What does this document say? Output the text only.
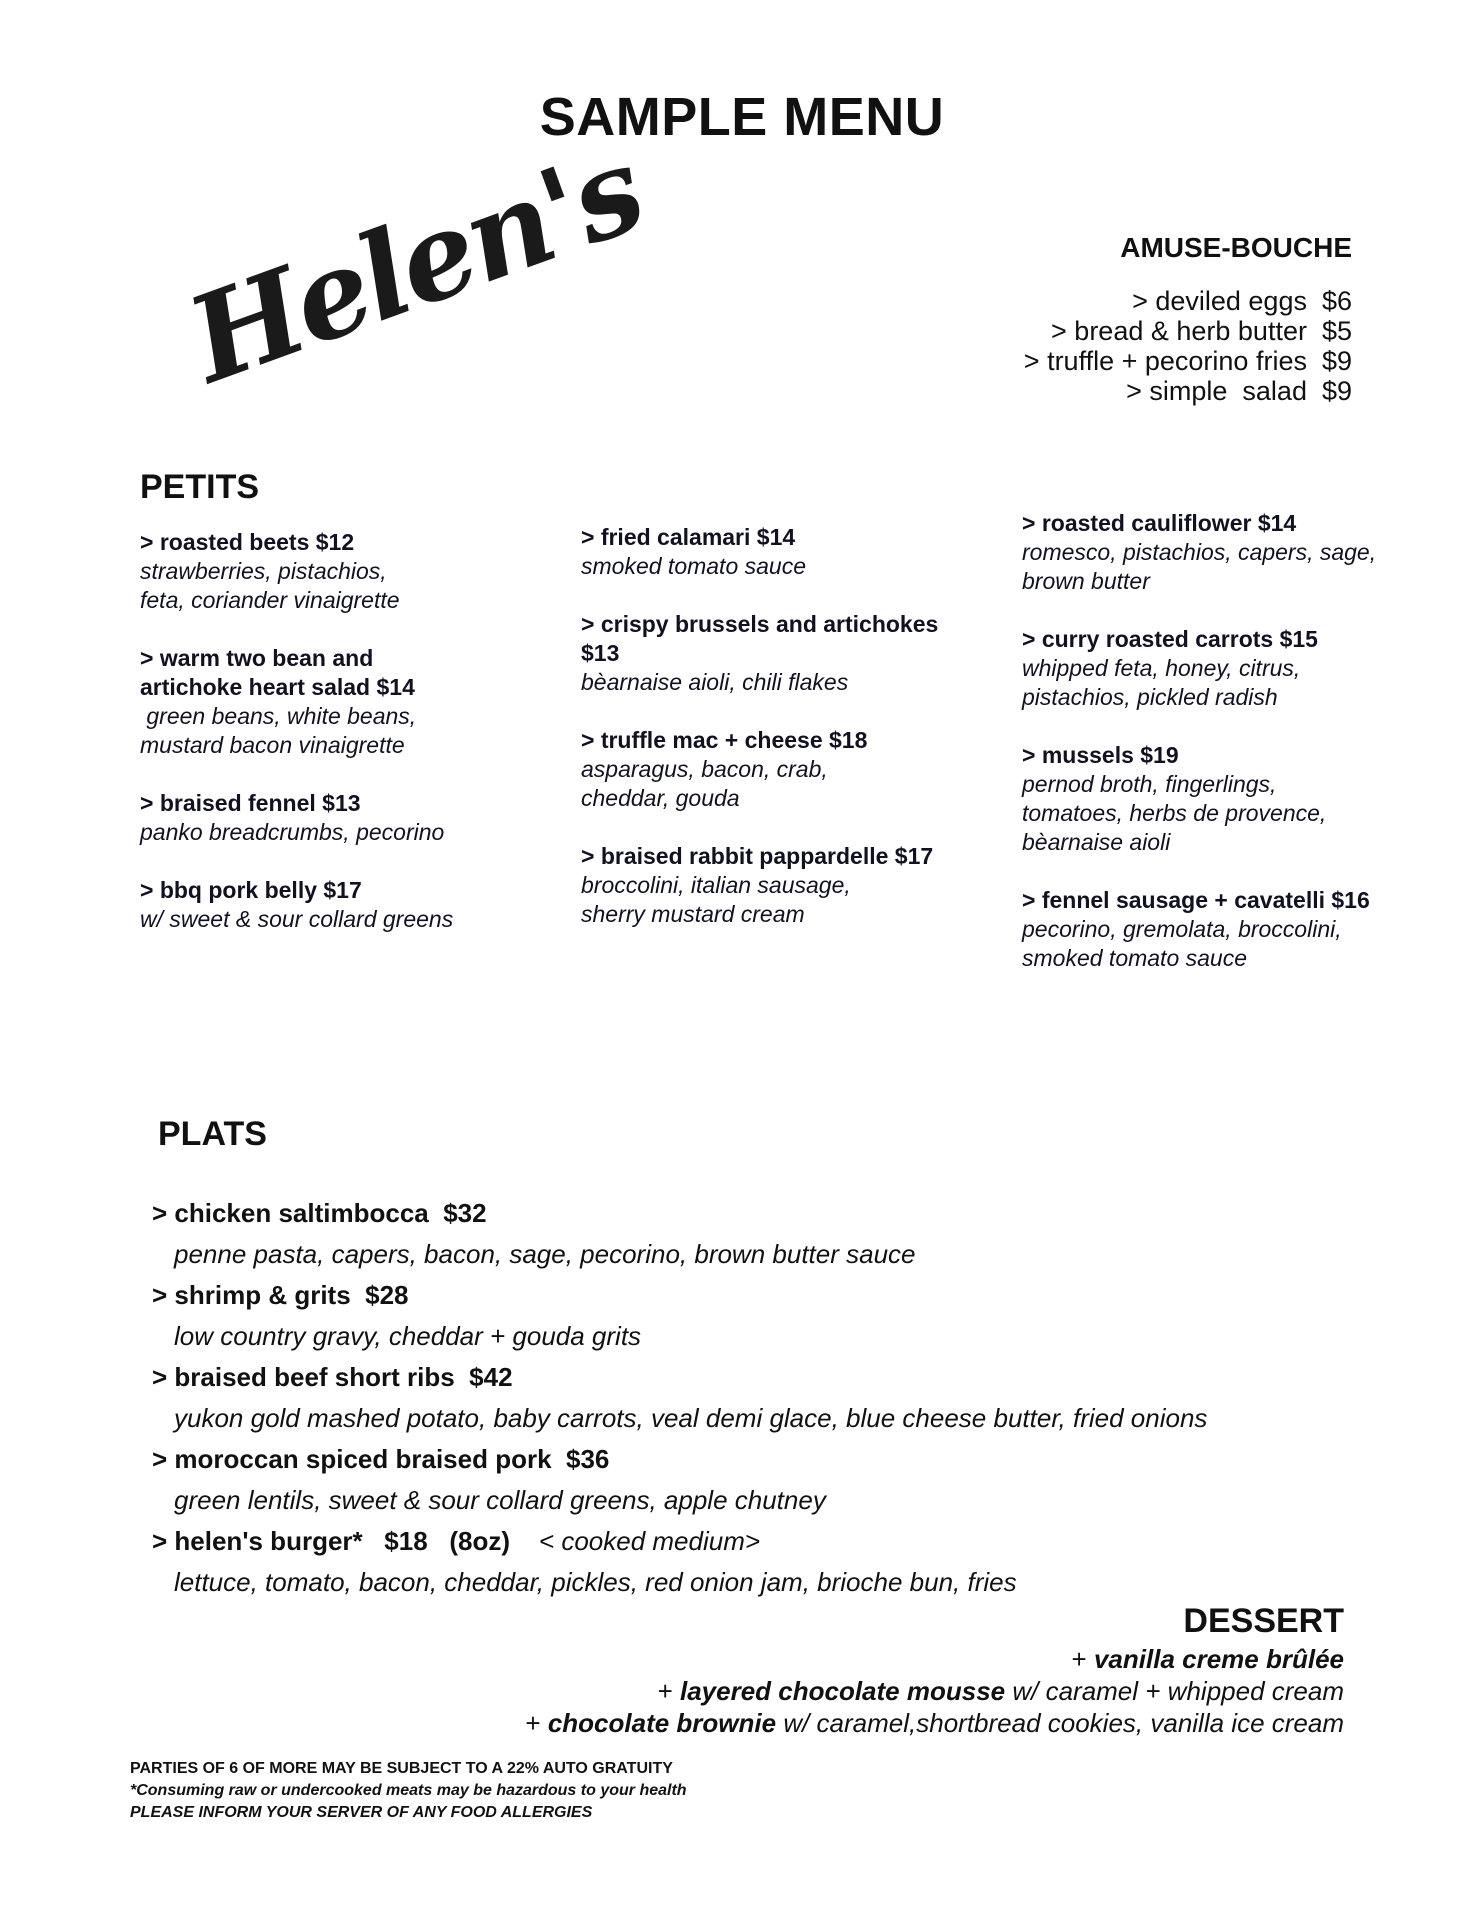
SAMPLE MENU
Helen's	AMUSE-BOUCHE
> deviled eggs  $6
> bread & herb butter  $5
> truffle + pecorino fries  $9
> simple  salad  $9
PETITS
> roasted beets $12
strawberries, pistachios,
feta, coriander vinaigrette
> warm two bean and
artichoke heart salad $14
green beans, white beans,
mustard bacon vinaigrette
> braised fennel $13
panko breadcrumbs, pecorino
> bbq pork belly $17
w/ sweet & sour collard greens
> fried calamari $14
smoked tomato sauce
> crispy brussels and artichokes
$13
bèarnaise aioli, chili flakes
> truffle mac + cheese $18
asparagus, bacon, crab,
cheddar, gouda
> braised rabbit pappardelle $17
broccolini, italian sausage,
sherry mustard cream
> roasted cauliflower $14
romesco, pistachios, capers, sage,
brown butter
> curry roasted carrots $15
whipped feta, honey, citrus,
pistachios, pickled radish
> mussels $19
pernod broth, fingerlings,
tomatoes, herbs de provence,
bèarnaise aioli
> fennel sausage + cavatelli $16
pecorino, gremolata, broccolini,
smoked tomato sauce
PLATS
> chicken saltimbocca  $32
penne pasta, capers, bacon, sage, pecorino, brown butter sauce
> shrimp & grits  $28
low country gravy, cheddar + gouda grits
> braised beef short ribs  $42
yukon gold mashed potato, baby carrots, veal demi glace, blue cheese butter, fried onions
> moroccan spiced braised pork  $36
green lentils, sweet & sour collard greens, apple chutney
> helen's burger*   $18   (8oz)    < cooked medium>
lettuce, tomato, bacon, cheddar, pickles, red onion jam, brioche bun, fries
DESSERT
+ vanilla creme brûlée
+ layered chocolate mousse w/ caramel + whipped cream
+ chocolate brownie w/ caramel,shortbread cookies, vanilla ice cream
PARTIES OF 6 OF MORE MAY BE SUBJECT TO A 22% AUTO GRATUITY
*Consuming raw or undercooked meats may be hazardous to your health
PLEASE INFORM YOUR SERVER OF ANY FOOD ALLERGIES
